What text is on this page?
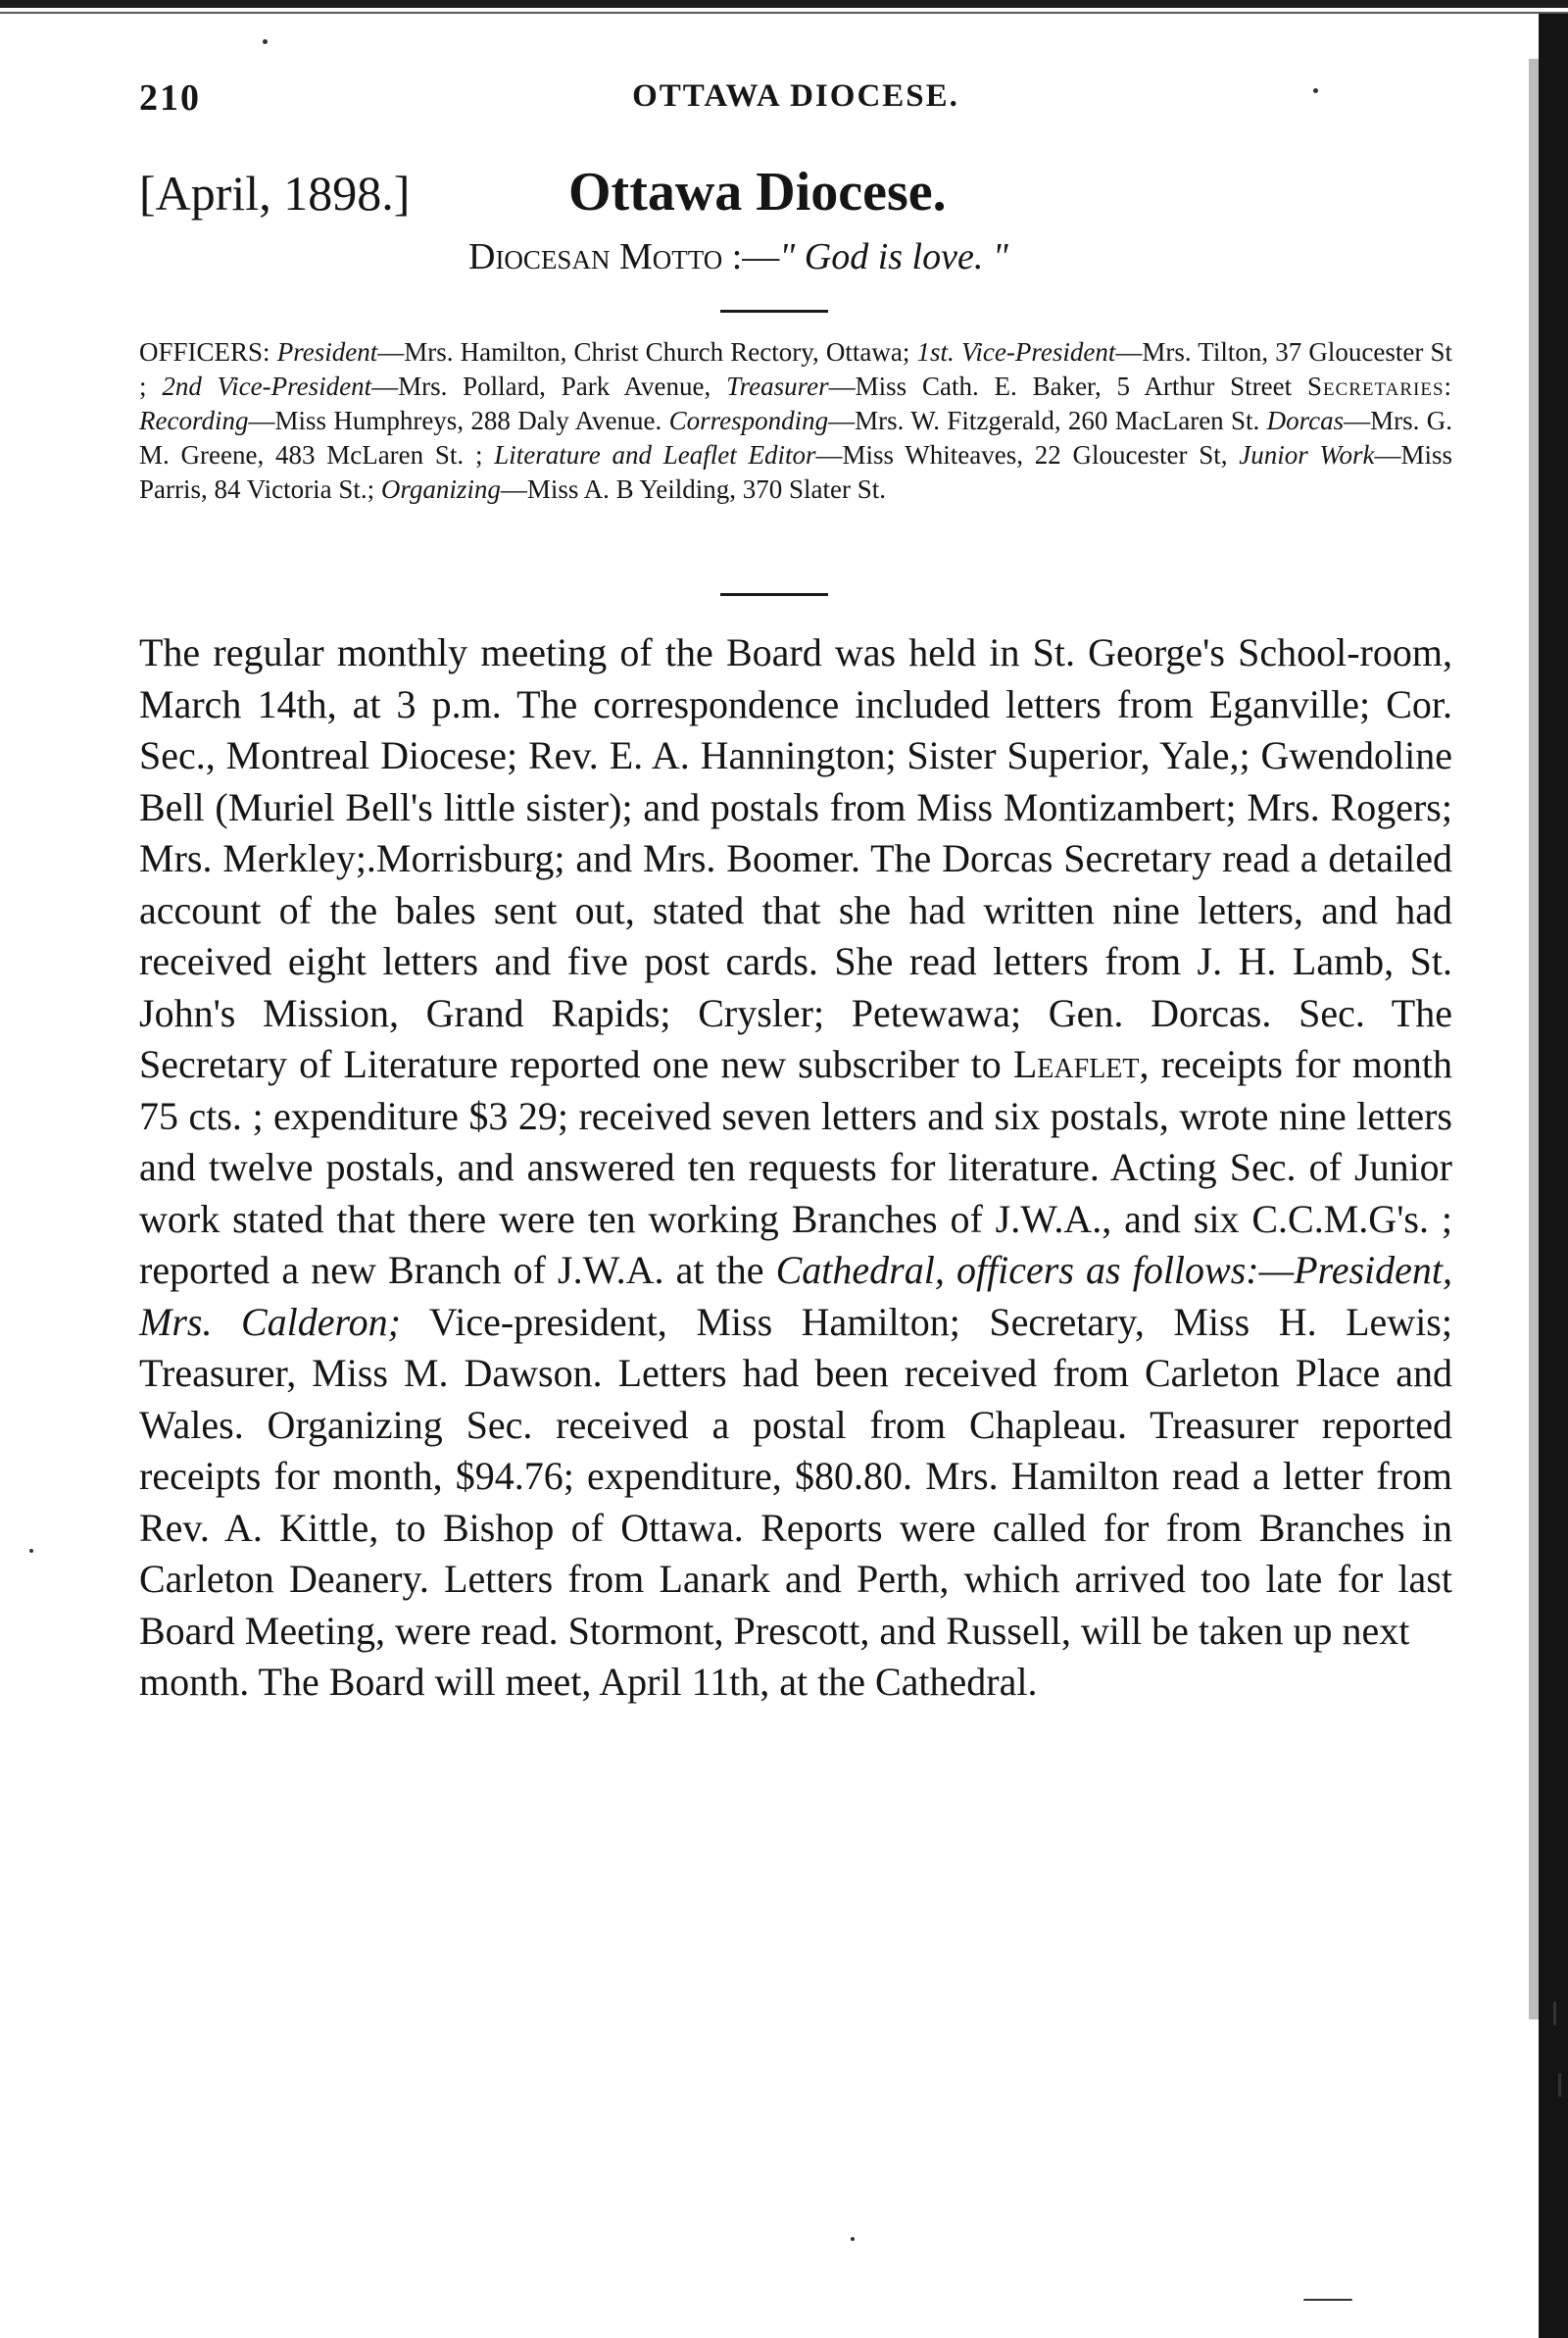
210	OTTAWA DIOCESE.
[April, 1898.]	Ottawa Diocese.
Diocesan Motto :—" God is love. "
OFFICERS: President—Mrs. Hamilton, Christ Church Rectory, Ottawa; 1st. Vice-President—Mrs. Tilton, 37 Gloucester St ; 2nd Vice-President—Mrs. Pollard, Park Avenue, Treasurer—Miss Cath. E. Baker, 5 Arthur Street Secretaries: Recording—Miss Humphreys, 288 Daly Avenue. Corresponding—Mrs. W. Fitzgerald, 260 MacLaren St. Dorcas—Mrs. G. M. Greene, 483 McLaren St. ; Literature and Leaflet Editor—Miss Whiteaves, 22 Gloucester St, Junior Work—Miss Parris, 84 Victoria St.; Organizing—Miss A. B Yeilding, 370 Slater St.
The regular monthly meeting of the Board was held in St. George's School-room, March 14th, at 3 p.m. The correspondence included letters from Eganville; Cor. Sec., Montreal Diocese; Rev. E. A. Hannington; Sister Superior, Yale,; Gwendoline Bell (Muriel Bell's little sister); and postals from Miss Montizambert; Mrs. Rogers; Mrs. Merkley;.Morrisburg; and Mrs. Boomer. The Dorcas Secretary read a detailed account of the bales sent out, stated that she had written nine letters, and had received eight letters and five post cards. She read letters from J. H. Lamb, St. John's Mission, Grand Rapids; Crysler; Petewawa; Gen. Dorcas. Sec. The Secretary of Literature reported one new subscriber to Leaflet, receipts for month 75 cts. ; expenditure $3 29; received seven letters and six postals, wrote nine letters and twelve postals, and answered ten requests for literature. Acting Sec. of Junior work stated that there were ten working Branches of J.W.A., and six C.C.M.G's. ; reported a new Branch of J.W.A. at the Cathedral, officers as follows:—President, Mrs. Calderon; Vice-president, Miss Hamilton; Secretary, Miss H. Lewis; Treasurer, Miss M. Dawson. Letters had been received from Carleton Place and Wales. Organizing Sec. received a postal from Chapleau. Treasurer reported receipts for month, $94.76; expenditure, $80.80. Mrs. Hamilton read a letter from Rev. A. Kittle, to Bishop of Ottawa. Reports were called for from Branches in Carleton Deanery. Letters from Lanark and Perth, which arrived too late for last Board Meeting, were read. Stormont, Prescott, and Russell, will be taken up next
month. The Board will meet, April 11th, at the Cathedral.
